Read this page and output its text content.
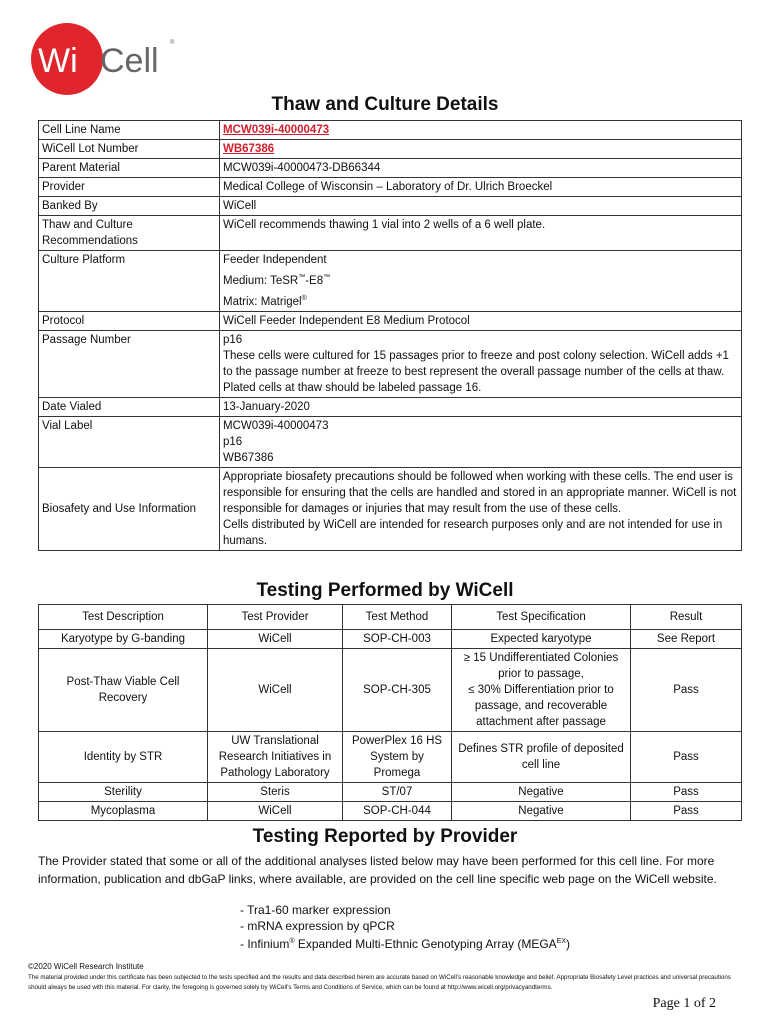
Wi Cell ®
Thaw and Culture Details
Cell Line Name	MCW039i-40000473
WiCell Lot Number	WB67386
Parent Material	MCW039i-40000473-DB66344
Provider	Medical College of Wisconsin – Laboratory of Dr. Ulrich Broeckel
Banked By	WiCell
Thaw and Culture Recommendations	WiCell recommends thawing 1 vial into 2 wells of a 6 well plate.
Culture Platform	Feeder Independent
Medium: TeSR™-E8™
Matrix: Matrigel®

Protocol	WiCell Feeder Independent E8 Medium Protocol
Passage Number	p16
These cells were cultured for 15 passages prior to freeze and post colony selection. WiCell adds +1 to the passage number at freeze to best represent the overall passage number of the cells at thaw. Plated cells at thaw should be labeled passage 16.

Date Vialed	13-January-2020
Vial Label	MCW039i-40000473
p16
WB67386

Biosafety and Use Information	Appropriate biosafety precautions should be followed when working with these cells. The end user is responsible for ensuring that the cells are handled and stored in an appropriate manner. WiCell is not responsible for damages or injuries that may result from the use of these cells.
Cells distributed by WiCell are intended for research purposes only and are not intended for use in humans.
Testing Performed by WiCell
Test Description	Test Provider	Test Method	Test Specification	Result
Karyotype by G-banding	WiCell	SOP-CH-003	Expected karyotype	See Report
Post-Thaw Viable Cell Recovery	WiCell	SOP-CH-305	≥ 15 Undifferentiated Colonies prior to passage,
≤ 30% Differentiation prior to passage, and recoverable attachment after passage	Pass
Identity by STR	UW Translational Research Initiatives in Pathology Laboratory	PowerPlex 16 HS System by Promega	Defines STR profile of deposited cell line	Pass
Sterility	Steris	ST/07	Negative	Pass
Mycoplasma	WiCell	SOP-CH-044	Negative	Pass
Testing Reported by Provider
The Provider stated that some or all of the additional analyses listed below may have been performed for this cell line. For more information, publication and dbGaP links, where available, are provided on the cell line specific web page on the WiCell website.
- Tra1-60 marker expression
- mRNA expression by qPCR
- Infinium® Expanded Multi-Ethnic Genotyping Array $(MEGA^{EX})$
©2020 WiCell Research Institute
The material provided under this certificate has been subjected to the tests specified and the results and data described herein are accurate based on WiCell's reasonable knowledge and belief. Appropriate Biosafety Level practices and universal precautions should always be used with this material. For clarity, the foregoing is governed solely by WiCell's Terms and Conditions of Service, which can be found at http://www.wicell.org/privacyandterms.
Page 1 of 2
